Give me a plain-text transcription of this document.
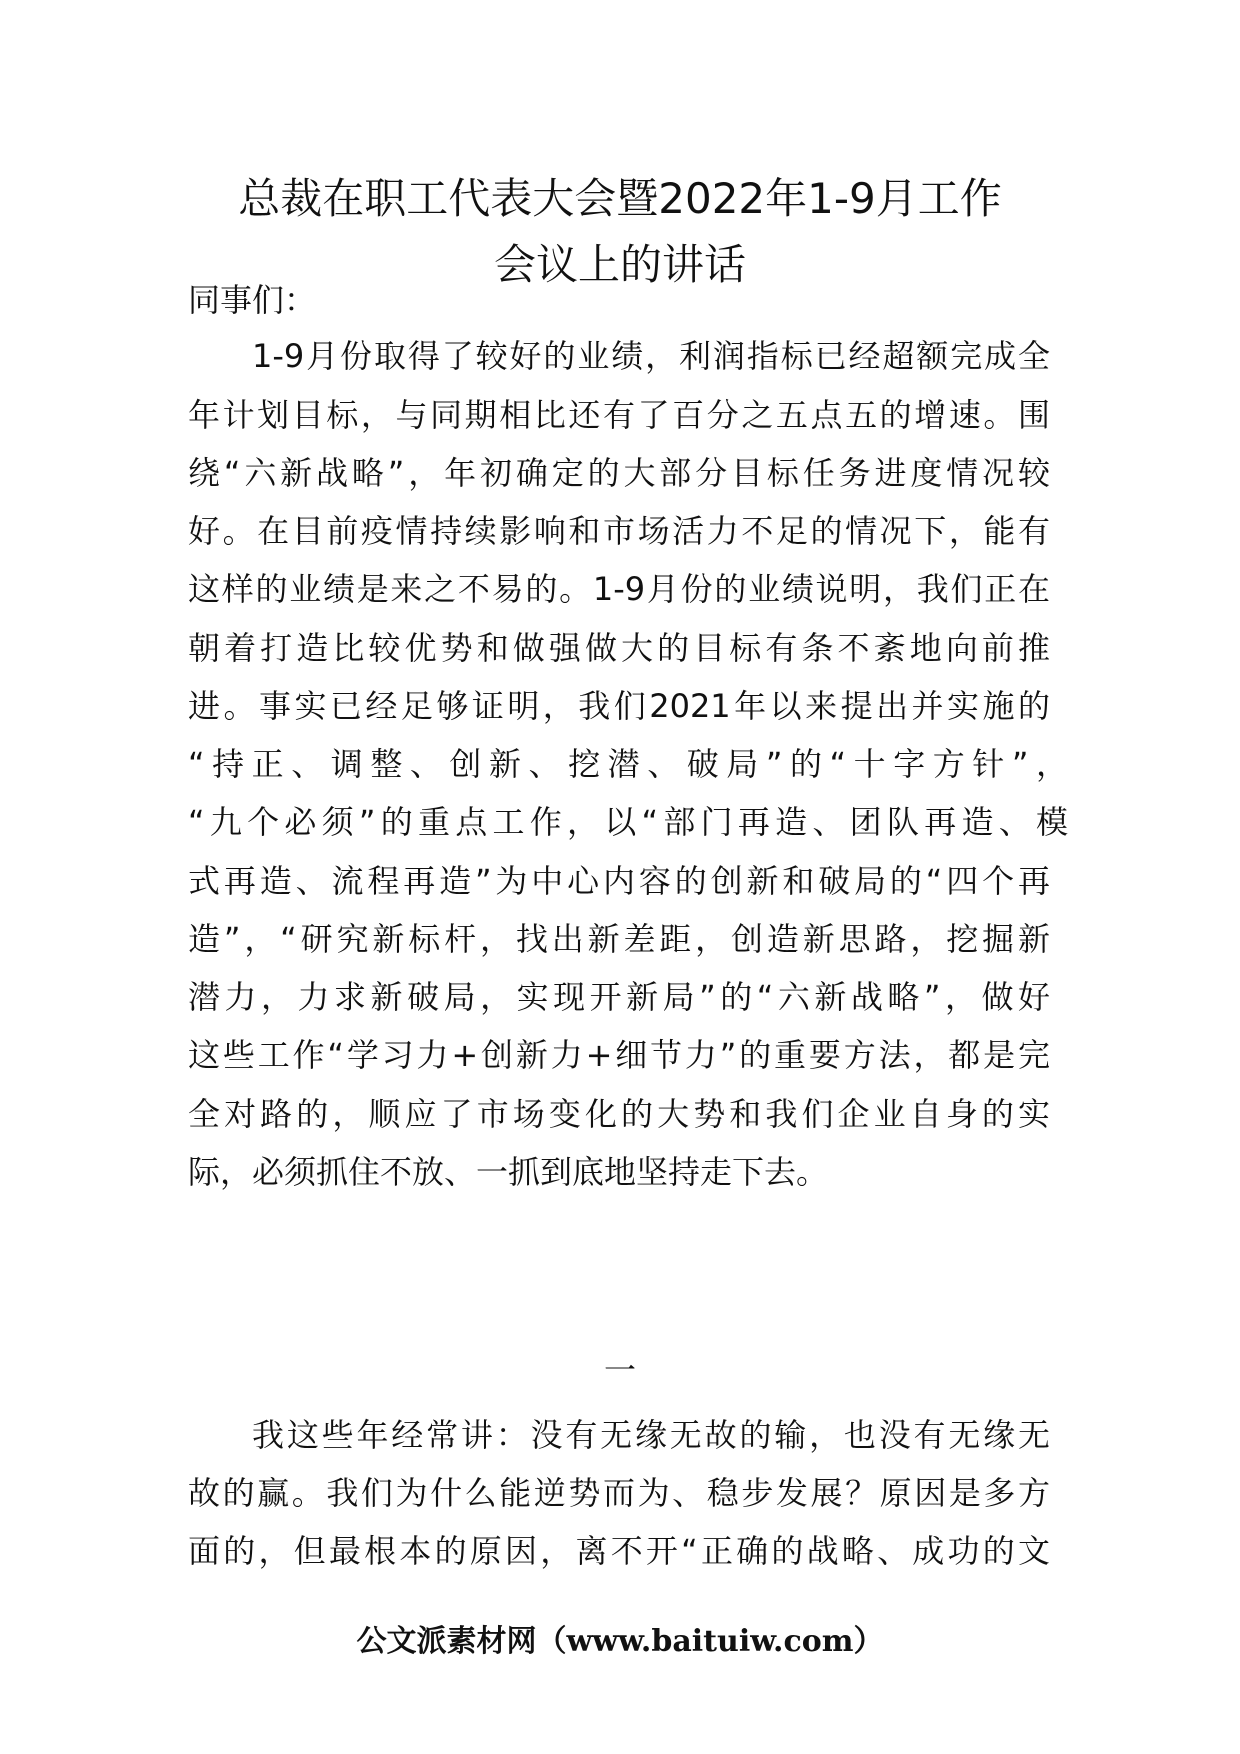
总裁在职工代表大会暨2022年1-9月工作
会议上的讲话
同事们：
1-9月份取得了较好的业绩，利润指标已经超额完成全
年计划目标，与同期相比还有了百分之五点五的增速。围
绕“六新战略”，年初确定的大部分目标任务进度情况较
好。在目前疫情持续影响和市场活力不足的情况下，能有
这样的业绩是来之不易的。1-9月份的业绩说明，我们正在
朝着打造比较优势和做强做大的目标有条不紊地向前推
进。事实已经足够证明，我们2021年以来提出并实施的
“持正、调整、创新、挖潜、破局”的“十字方针”，
“九个必须”的重点工作，以“部门再造、团队再造、模
式再造、流程再造”为中心内容的创新和破局的“四个再
造”，“研究新标杆，找出新差距，创造新思路，挖掘新
潜力，力求新破局，实现开新局”的“六新战略”，做好
这些工作“学习力+创新力+细节力”的重要方法，都是完
全对路的，顺应了市场变化的大势和我们企业自身的实
际，必须抓住不放、一抓到底地坚持走下去。
一
我这些年经常讲：没有无缘无故的输，也没有无缘无
故的赢。我们为什么能逆势而为、稳步发展？原因是多方
面的，但最根本的原因，离不开“正确的战略、成功的文
公文派素材网（www.baituiw.com）
